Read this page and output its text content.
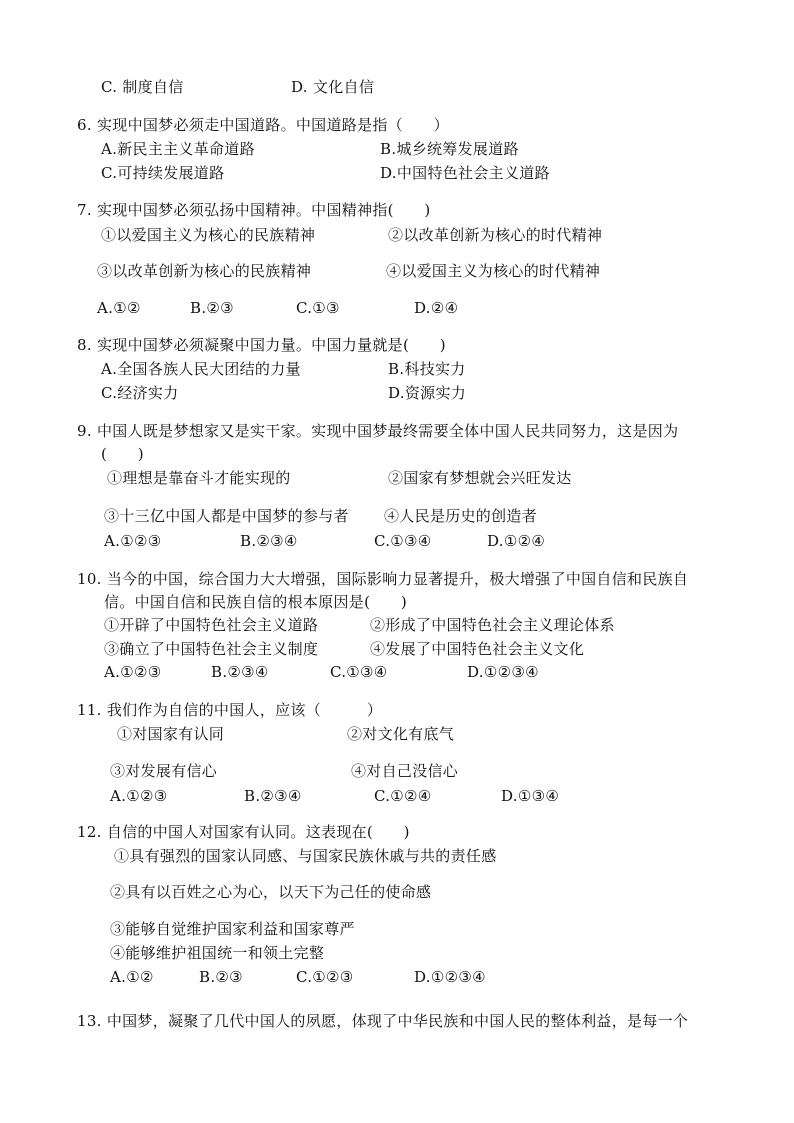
C. 制度自信	D. 文化自信
6. 实现中国梦必须走中国道路。中国道路是指（　　）
A.新民主主义革命道路	B.城乡统筹发展道路
C.可持续发展道路	D.中国特色社会主义道路
7. 实现中国梦必须弘扬中国精神。中国精神指(　　)
①以爱国主义为核心的民族精神	②以改革创新为核心的时代精神
③以改革创新为核心的民族精神	④以爱国主义为核心的时代精神
A.①②	B.②③	C.①③	D.②④
8. 实现中国梦必须凝聚中国力量。中国力量就是(　　)
A.全国各族人民大团结的力量	B.科技实力
C.经济实力	D.资源实力
9. 中国人既是梦想家又是实干家。实现中国梦最终需要全体中国人民共同努力，这是因为
(　　)
①理想是靠奋斗才能实现的	②国家有梦想就会兴旺发达
③十三亿中国人都是中国梦的参与者 ④人民是历史的创造者
A.①②③	B.②③④	C.①③④	D.①②④
10. 当今的中国，综合国力大大增强，国际影响力显著提升，极大增强了中国自信和民族自
信。中国自信和民族自信的根本原因是(　　)
①开辟了中国特色社会主义道路	②形成了中国特色社会主义理论体系
③确立了中国特色社会主义制度	④发展了中国特色社会主义文化
A.①②③	B.②③④	C.①③④	D.①②③④
11. 我们作为自信的中国人，应该（　　　）
①对国家有认同	②对文化有底气
③对发展有信心	④对自己没信心
A.①②③	B.②③④	C.①②④	D.①③④
12. 自信的中国人对国家有认同。这表现在(　　)
①具有强烈的国家认同感、与国家民族休戚与共的责任感
②具有以百姓之心为心，以天下为己任的使命感
③能够自觉维护国家利益和国家尊严
④能够维护祖国统一和领土完整
A.①②	B.②③	C.①②③	D.①②③④
13. 中国梦，凝聚了几代中国人的夙愿，体现了中华民族和中国人民的整体利益，是每一个
